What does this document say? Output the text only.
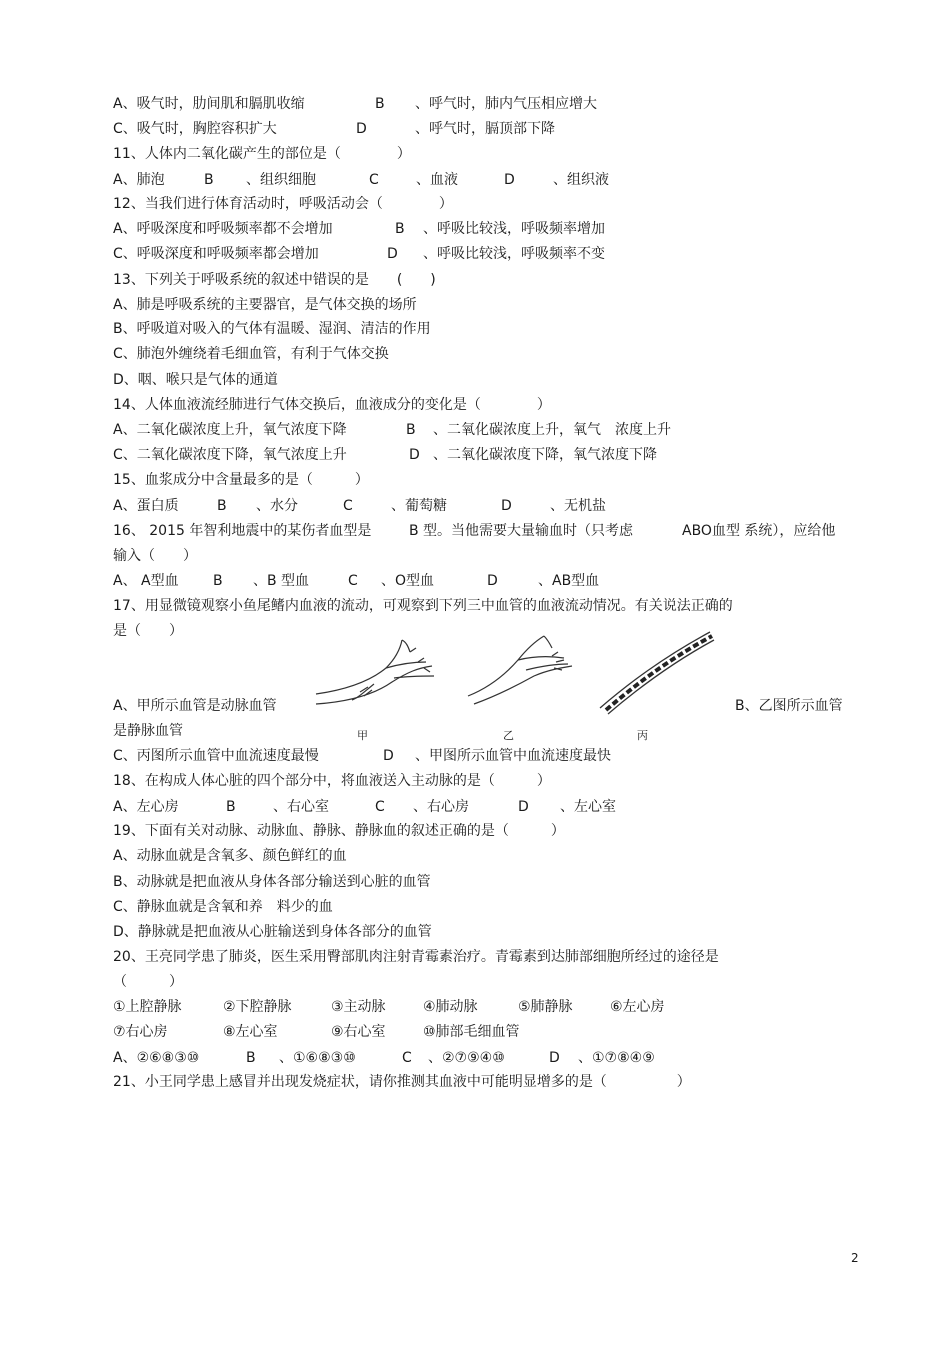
A、吸气时，肋间肌和膈肌收缩

	B

、呼气时，肺内气压相应增大

C、吸气时，胸腔容积扩大

	D

	、呼气时，膈顶部下降

11、人体内二氧化碳产生的部位是（　　　　）

A、肺泡

	B

、组织细胞

	C

	、血液

	D

	、组织液

12、当我们进行体育活动时，呼吸活动会（　　　　）

A、呼吸深度和呼吸频率都不会增加

	B

、呼吸比较浅，呼吸频率增加

C、呼吸深度和呼吸频率都会增加

	D

、呼吸比较浅，呼吸频率不变

13、下列关于呼吸系统的叙述中错误的是　　(　　)
A、肺是呼吸系统的主要器官，是气体交换的场所
B、呼吸道对吸入的气体有温暖、湿润、清洁的作用
C、肺泡外缠绕着毛细血管，有利于气体交换
D、咽、喉只是气体的通道
14、人体血液流经肺进行气体交换后，血液成分的变化是（　　　　）

A、二氧化碳浓度上升，氧气浓度下降

	B

、二氧化碳浓度上升，氧气　浓度上升

C、二氧化碳浓度下降，氧气浓度上升

	D

、二氧化碳浓度下降，氧气浓度下降

15、血浆成分中含量最多的是（　　　）

A、蛋白质

	B

、水分

	C

	、葡萄糖

	D

	、无机盐

16、 2015 年智利地震中的某伤者血型是

	B 型。当他需要大量输血时（只考虑

	ABO血型 系统），应给他

输入（　　）

A、 A型血

B

、B 型血

	C

、O型血

	D

	、AB型血

17、用显微镜观察小鱼尾鳍内血液的流动，可观察到下列三中血管的血液流动情况。有关说法正确的
是（　　）
甲	乙	丙
A、甲所示血管是动脉血管	B、乙图所示血管
是静脉血管

C、丙图所示血管中血流速度最慢

	D

、甲图所示血管中血流速度最快

18、在构成人体心脏的四个部分中，将血液送入主动脉的是（　　　）

A、左心房

	B

	、右心室

	C

、右心房

	D

、左心室

19、下面有关对动脉、动脉血、静脉、静脉血的叙述正确的是（　　　）
A、动脉血就是含氧多、颜色鲜红的血
B、动脉就是把血液从身体各部分输送到心脏的血管
C、静脉血就是含氧和养　料少的血
D、静脉就是把血液从心脏输送到身体各部分的血管
20、王亮同学患了肺炎，医生采用臀部肌肉注射青霉素治疗。青霉素到达肺部细胞所经过的途径是
（　　　）

①上腔静脉

	②下腔静脉

	③主动脉

	④肺动脉

	⑤肺静脉

	⑥左心房

⑦右心房

	⑧左心室

	⑨右心室

	⑩肺部毛细血管

A、②⑥⑧③⑩

	B

、①⑥⑧③⑩

	C

、②⑦⑨④⑩

	D

、①⑦⑧④⑨

21、小王同学患上感冒并出现发烧症状，请你推测其血液中可能明显增多的是（　　　　　）
2
